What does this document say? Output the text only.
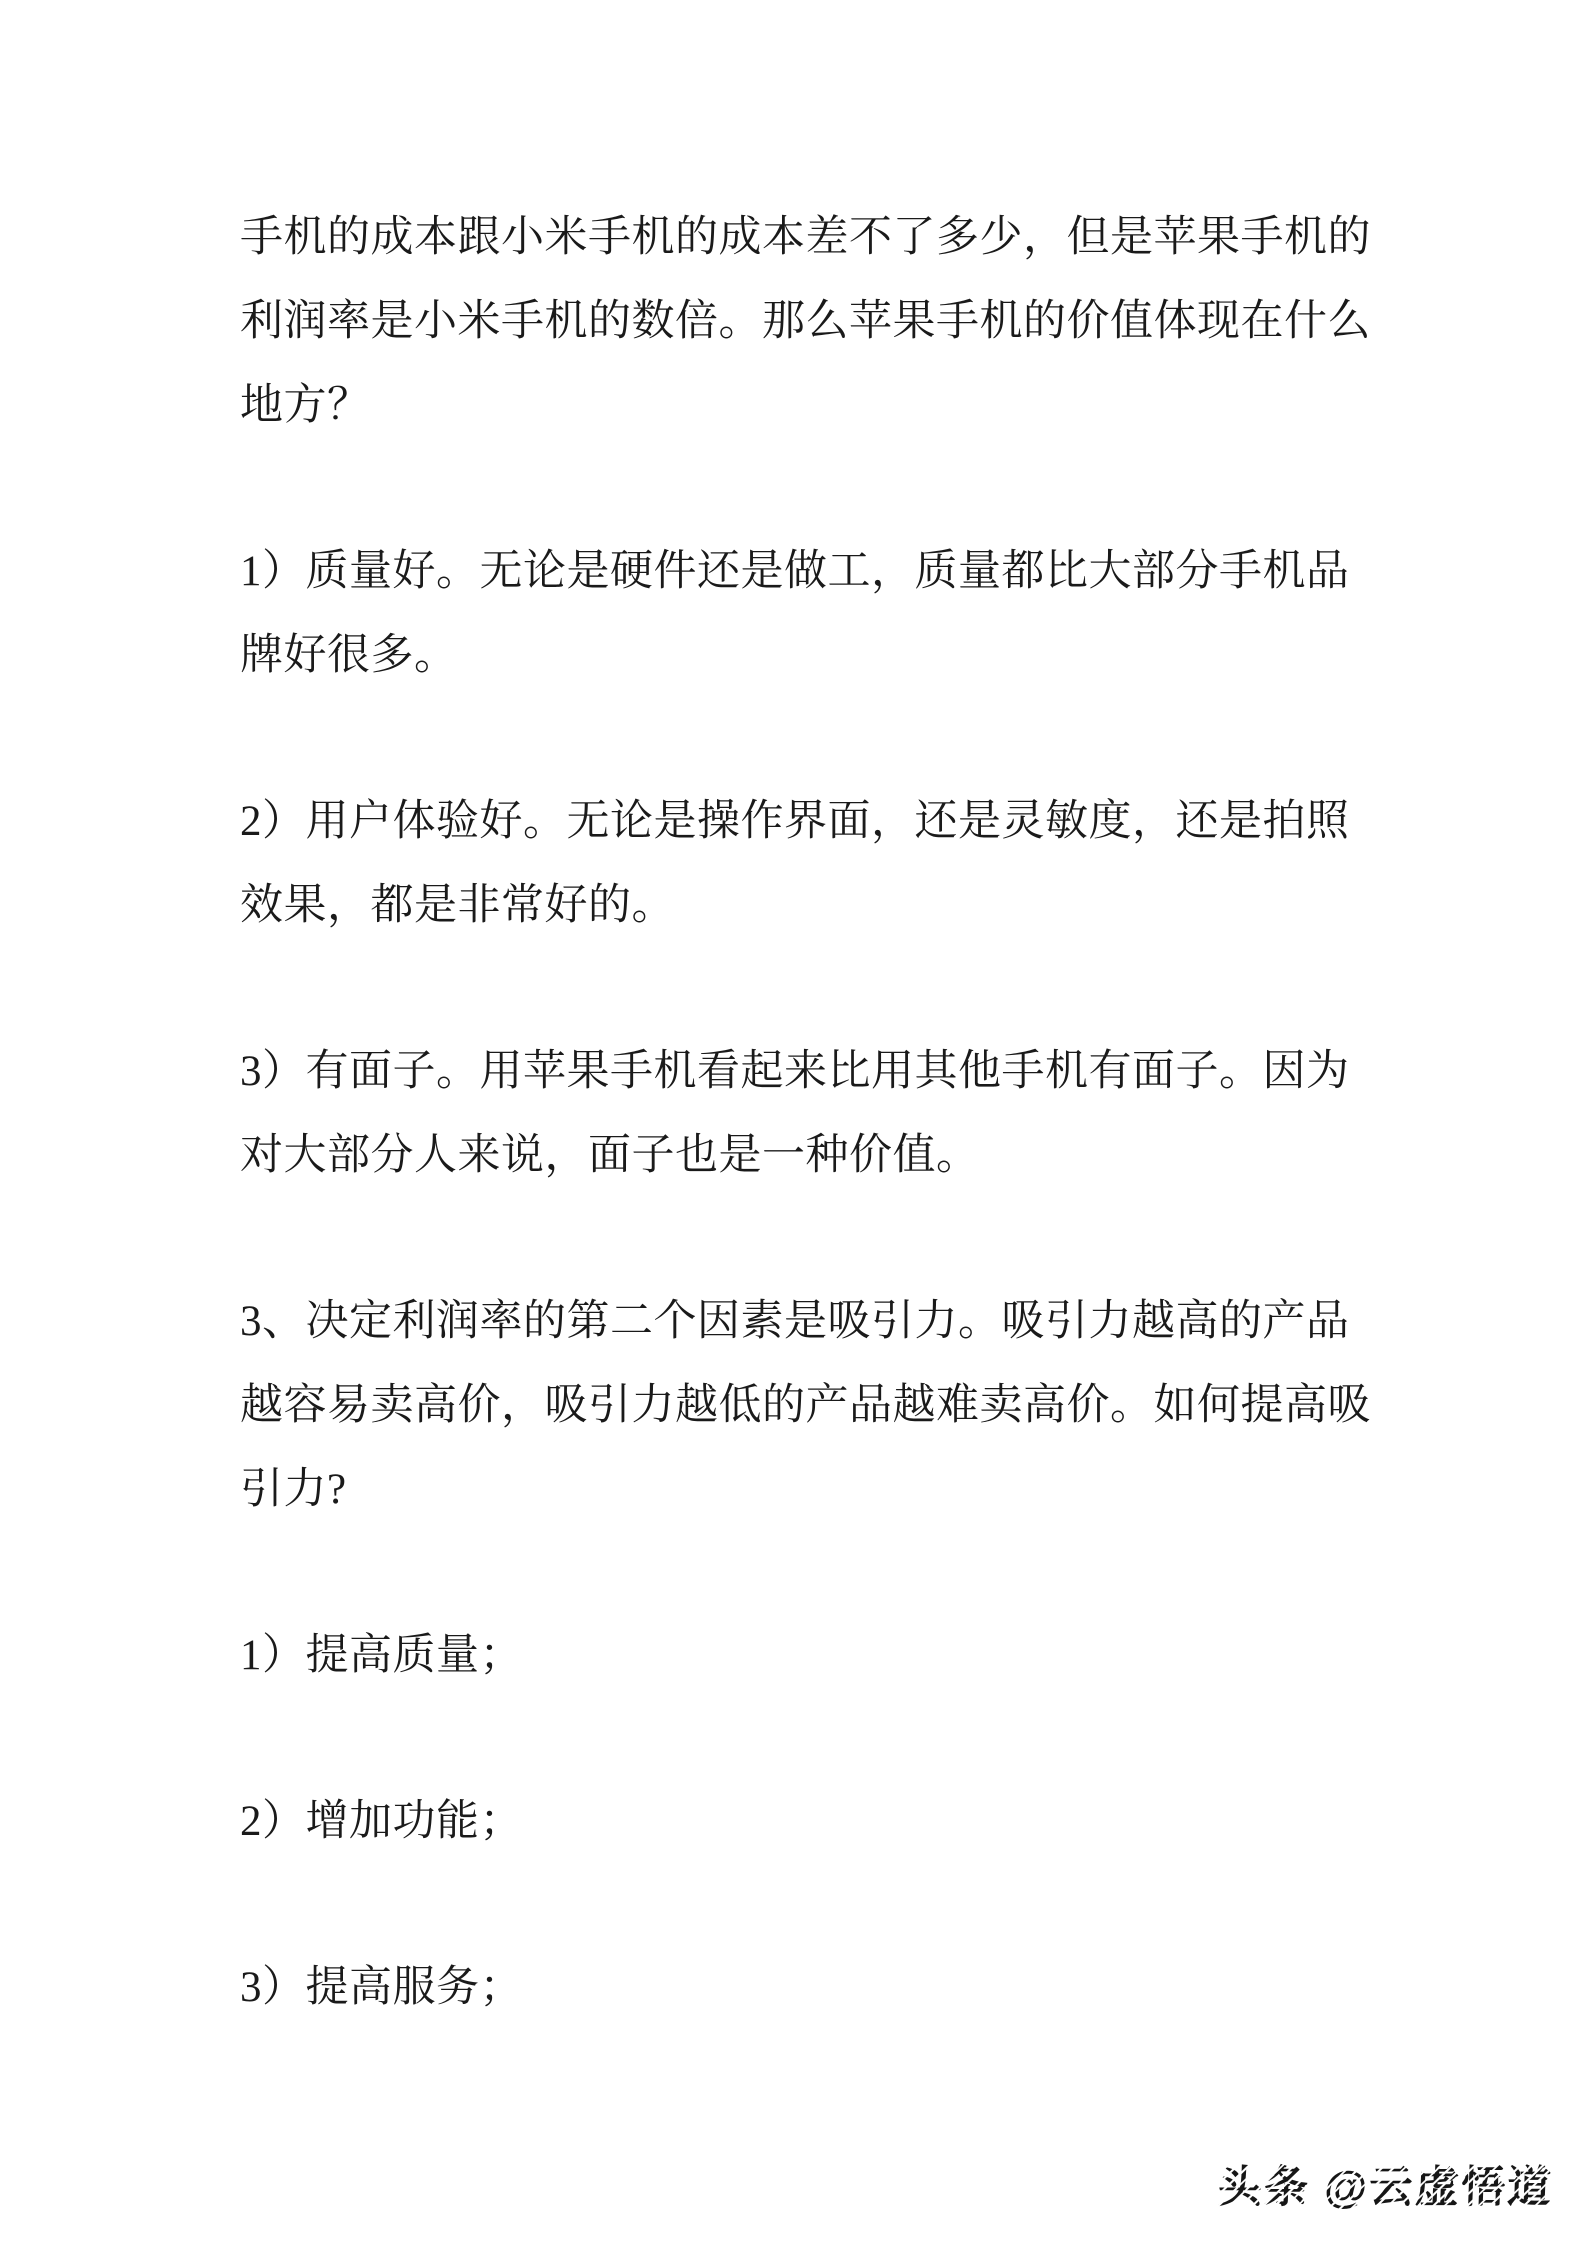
手机的成本跟小米手机的成本差不了多少，但是苹果手机的
利润率是小米手机的数倍。那么苹果手机的价值体现在什么
地方？
1）质量好。无论是硬件还是做工，质量都比大部分手机品
牌好很多。
2）用户体验好。无论是操作界面，还是灵敏度，还是拍照
效果，都是非常好的。
3）有面子。用苹果手机看起来比用其他手机有面子。因为
对大部分人来说，面子也是一种价值。
3、决定利润率的第二个因素是吸引力。吸引力越高的产品
越容易卖高价，吸引力越低的产品越难卖高价。如何提高吸
引力?
1）提高质量；
2）增加功能；
3）提高服务；
头条 @云虚悟道
